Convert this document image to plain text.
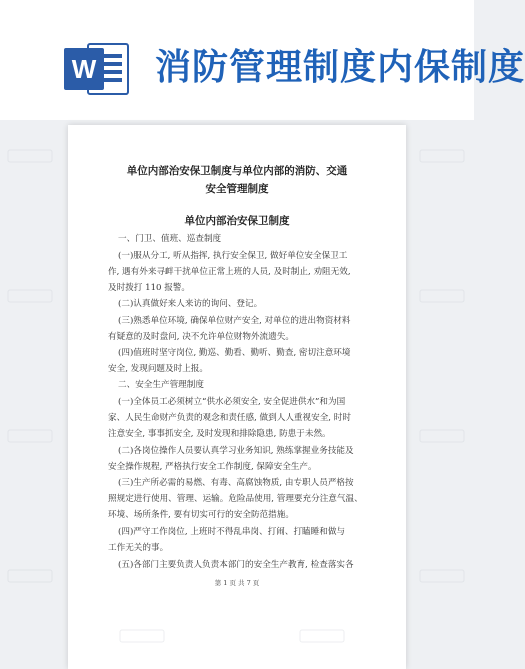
W 消防管理制度内保制度
单位内部治安保卫制度与单位内部的消防、交通
安全管理制度
单位内部治安保卫制度
一、门卫、值班、巡查制度
(一)服从分工, 听从指挥, 执行安全保卫, 做好单位安全保卫工
作, 遇有外来寻衅干扰单位正常上班的人员, 及时制止, 劝阻无效,
及时拨打 110 报警。
(二)认真做好来人来访的询问、登记。
(三)熟悉单位环境, 确保单位财产安全, 对单位的进出物资材料
有疑意的及时盘问, 决不允许单位财物外流遗失。
(四)值班时坚守岗位, 勤巡、勤看、勤听、勤查, 密切注意环境
安全, 发现问题及时上报。
二、安全生产管理制度
(一)全体员工必须树立“供水必须安全, 安全促进供水”和为国
家、人民生命财产负责的观念和责任感, 做到人人重视安全, 时时
注意安全, 事事抓安全, 及时发现和排除隐患, 防患于未然。
(二)各岗位操作人员要认真学习业务知识, 熟练掌握业务技能及
安全操作规程, 严格执行安全工作制度, 保障安全生产。
(三)生产所必需的易燃、有毒、高腐蚀物质, 由专职人员严格按
照规定进行使用、管理、运输。危险品使用, 管理要充分注意气温、
环境、场所条件, 要有切实可行的安全防范措施。
(四)严守工作岗位, 上班时不得乱串岗、打闹、打瞌睡和做与
工作无关的事。
(五)各部门主要负责人负责本部门的安全生产教育, 检查落实各
第 1 页 共 7 页
